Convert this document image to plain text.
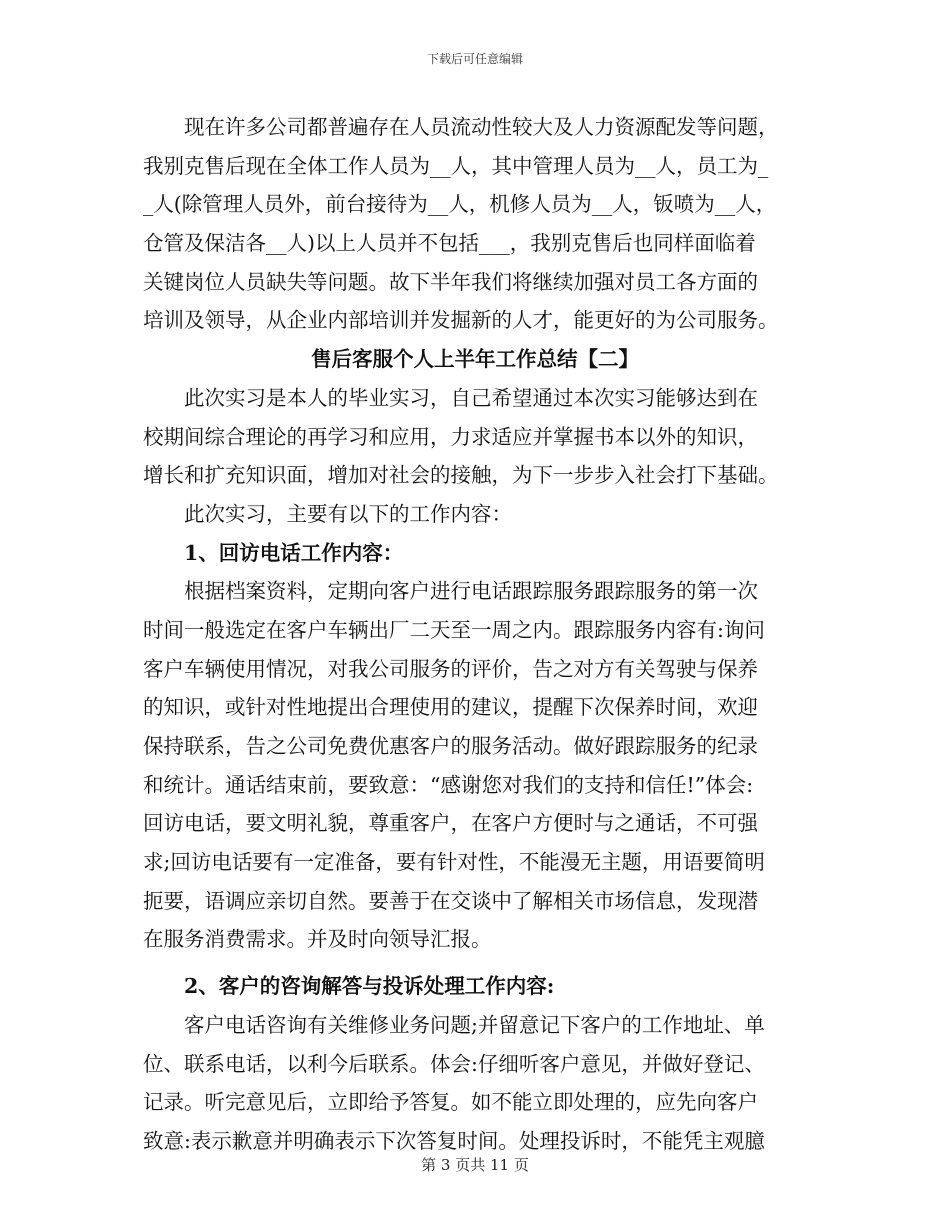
下载后可任意编辑
现在许多公司都普遍存在人员流动性较大及人力资源配发等问题，
我别克售后现在全体工作人员为__人，其中管理人员为__人，员工为_
_人(除管理人员外，前台接待为__人，机修人员为__人，钣喷为__人，
仓管及保洁各__人)以上人员并不包括___，我别克售后也同样面临着
关键岗位人员缺失等问题。故下半年我们将继续加强对员工各方面的
培训及领导，从企业内部培训并发掘新的人才，能更好的为公司服务。
售后客服个人上半年工作总结【二】
此次实习是本人的毕业实习，自己希望通过本次实习能够达到在
校期间综合理论的再学习和应用，力求适应并掌握书本以外的知识，
增长和扩充知识面，增加对社会的接触，为下一步步入社会打下基础。
此次实习，主要有以下的工作内容：
1、回访电话工作内容：
根据档案资料，定期向客户进行电话跟踪服务跟踪服务的第一次
时间一般选定在客户车辆出厂二天至一周之内。跟踪服务内容有:询问
客户车辆使用情况，对我公司服务的评价，告之对方有关驾驶与保养
的知识，或针对性地提出合理使用的建议，提醒下次保养时间，欢迎
保持联系，告之公司免费优惠客户的服务活动。做好跟踪服务的纪录
和统计。通话结束前，要致意：“感谢您对我们的支持和信任!”体会:
回访电话，要文明礼貌，尊重客户，在客户方便时与之通话，不可强
求;回访电话要有一定准备，要有针对性，不能漫无主题，用语要简明
扼要，语调应亲切自然。要善于在交谈中了解相关市场信息，发现潜
在服务消费需求。并及时向领导汇报。
2、客户的咨询解答与投诉处理工作内容:
客户电话咨询有关维修业务问题;并留意记下客户的工作地址、单
位、联系电话，以利今后联系。体会:仔细听客户意见，并做好登记、
记录。听完意见后，立即给予答复。如不能立即处理的，应先向客户
致意:表示歉意并明确表示下次答复时间。处理投诉时，不能凭主观臆
第 3 页共 11 页
